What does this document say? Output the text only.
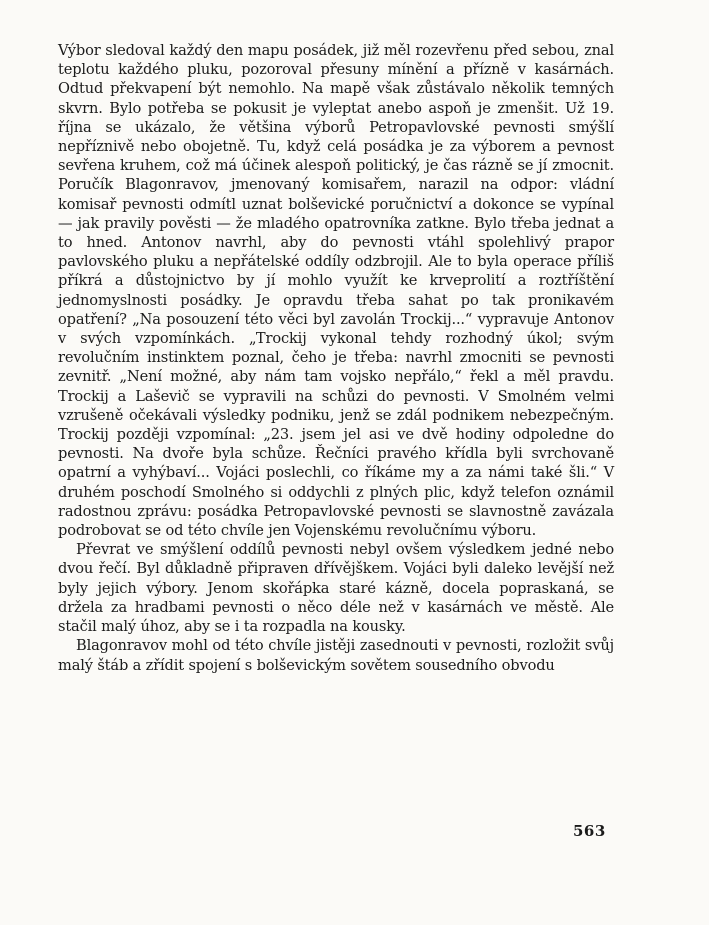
Výbor sledoval každý den mapu posádek, již měl rozevřenu před sebou, znal teplotu každého pluku, pozoroval přesuny mínění a přízně v kasárnách. Odtud překvapení být nemohlo. Na mapě však zůstávalo několik temných skvrn. Bylo potřeba se pokusit je vyleptat anebo aspoň je zmenšit. Už 19. října se ukázalo, že většina výborů Petropavlovské pevnosti smýšlí nepříznivě nebo obojetně. Tu, když celá posádka je za výborem a pevnost sevřena kruhem, což má účinek alespoň politický, je čas rázně se jí zmocnit. Poručík Blagonravov, jmenovaný komisařem, narazil na odpor: vládní komisař pevnosti odmítl uznat bolševické poručnictví a dokonce se vypínal — jak pravily pověsti — že mladého opatrovníka zatkne. Bylo třeba jednat a to hned. Antonov navrhl, aby do pevnosti vtáhl spolehlivý prapor pavlovského pluku a nepřátelské oddíly odzbrojil. Ale to byla operace příliš příkrá a důstojnictvo by jí mohlo využít ke krveprolití a roztříštění jednomyslnosti posádky. Je opravdu třeba sahat po tak pronikavém opatření? „Na posouzení této věci byl zavolán Trockij...“ vypravuje Antonov v svých vzpomínkách. „Trockij vykonal tehdy rozhodný úkol; svým revolučním instinktem poznal, čeho je třeba: navrhl zmocniti se pevnosti zevnitř. „Není možné, aby nám tam vojsko nepřálo,“ řekl a měl pravdu. Trockij a Laševič se vypravili na schůzi do pevnosti. V Smolném velmi vzrušeně očekávali výsledky podniku, jenž se zdál podnikem nebezpečným. Trockij později vzpomínal: „23. jsem jel asi ve dvě hodiny odpoledne do pevnosti. Na dvoře byla schůze. Řečníci pravého křídla byli svrchovaně opatrní a vyhýbaví... Vojáci poslechli, co říkáme my a za námi také šli.“ V druhém poschodí Smolného si oddychli z plných plic, když telefon oznámil radostnou zprávu: posádka Petropavlovské pevnosti se slavnostně zavázala podrobovat se od této chvíle jen Vojenskému revolučnímu výboru.

Převrat ve smýšlení oddílů pevnosti nebyl ovšem výsledkem jedné nebo dvou řečí. Byl důkladně připraven dřívějškem. Vojáci byli daleko levější než byly jejich výbory. Jenom skořápka staré kázně, docela popraskaná, se držela za hradbami pevnosti o něco déle než v kasárnách ve městě. Ale stačil malý úhoz, aby se i ta rozpadla na kousky.

Blagonravov mohl od této chvíle jistěji zasednouti v pevnosti, rozložit svůj malý štáb a zřídit spojení s bolševickým sovětem sousedního obvodu

563
